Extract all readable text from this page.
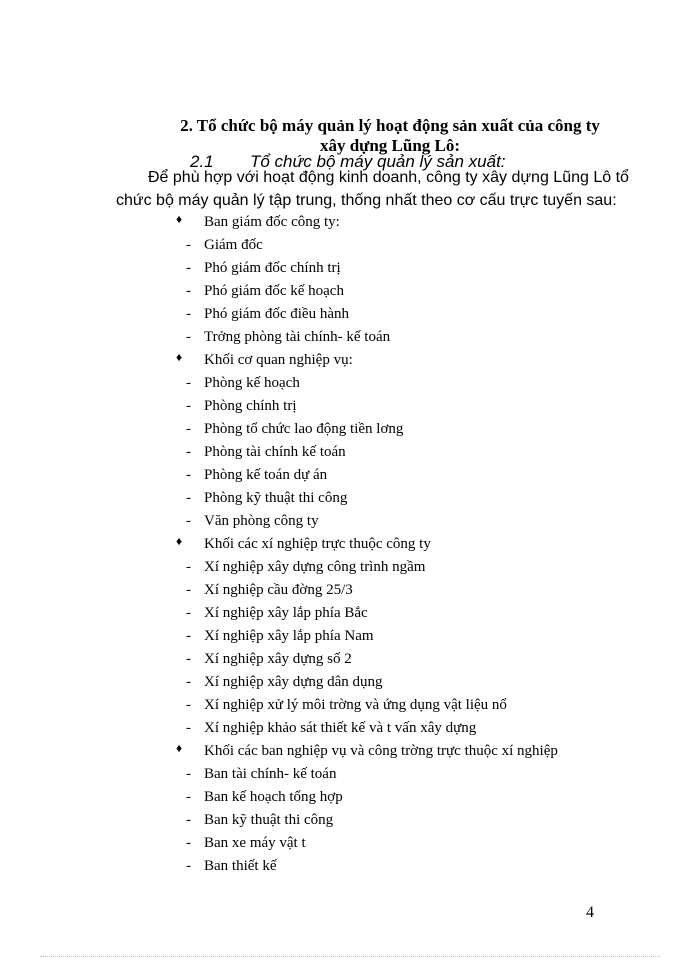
2. Tổ chức bộ máy quản lý hoạt động sản xuất của công ty
xây dựng Lũng Lô:
2.1 Tổ chức bộ máy quản lý sản xuất:
Để phù hợp với hoạt động kinh doanh, công ty xây dựng Lũng Lô tổ
chức bộ máy quản lý tập trung, thống nhất theo cơ cấu trực tuyến sau:
♦ Ban giám đốc công ty:
- Giám đốc
- Phó giám đốc chính trị
- Phó giám đốc kế hoạch
- Phó giám đốc điều hành
- Trởng phòng tài chính- kế toán
♦ Khối cơ quan nghiệp vụ:
- Phòng kế hoạch
- Phòng chính trị
- Phòng tổ chức lao động tiền lơng
- Phòng tài chính kế toán
- Phòng kế toán dự án
- Phòng kỹ thuật thi công
- Văn phòng công ty
♦ Khối các xí nghiệp trực thuộc công ty
- Xí nghiệp xây dựng công trình ngầm
- Xí nghiệp cầu đờng 25/3
- Xí nghiệp xây lắp phía Bắc
- Xí nghiệp xây lắp phía Nam
- Xí nghiệp xây dựng số 2
- Xí nghiệp xây dựng dân dụng
- Xí nghiệp xử lý môi trờng và ứng dụng vật liệu nổ
- Xí nghiệp khảo sát thiết kế và t vấn xây dựng
♦ Khối các ban nghiệp vụ và công trờng trực thuộc xí nghiệp
- Ban tài chính- kế toán
- Ban kế hoạch tổng hợp
- Ban kỹ thuật thi công
- Ban xe máy vật t
- Ban thiết kế
4
